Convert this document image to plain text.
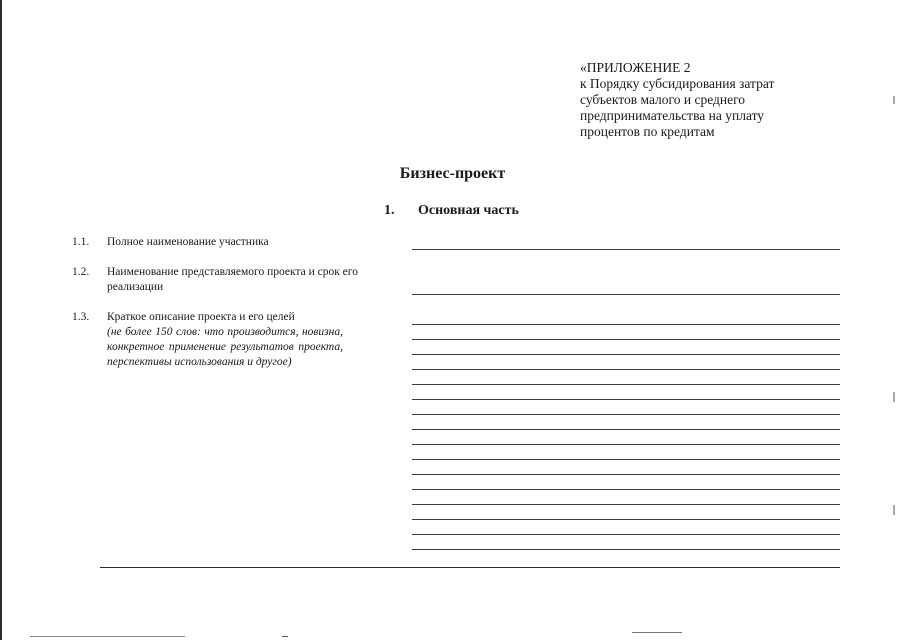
«ПРИЛОЖЕНИЕ 2
к Порядку субсидирования затрат
субъектов малого и среднего
предпринимательства на уплату
процентов по кредитам
Бизнес-проект
1. Основная часть
1.1. Полное наименование участника
1.2. Наименование представляемого проекта и срок его реализации
1.3. Краткое описание проекта и его целей
(не более 150 слов: что производится, новизна, конкретное применение результатов проекта, перспективы использования и другое)
